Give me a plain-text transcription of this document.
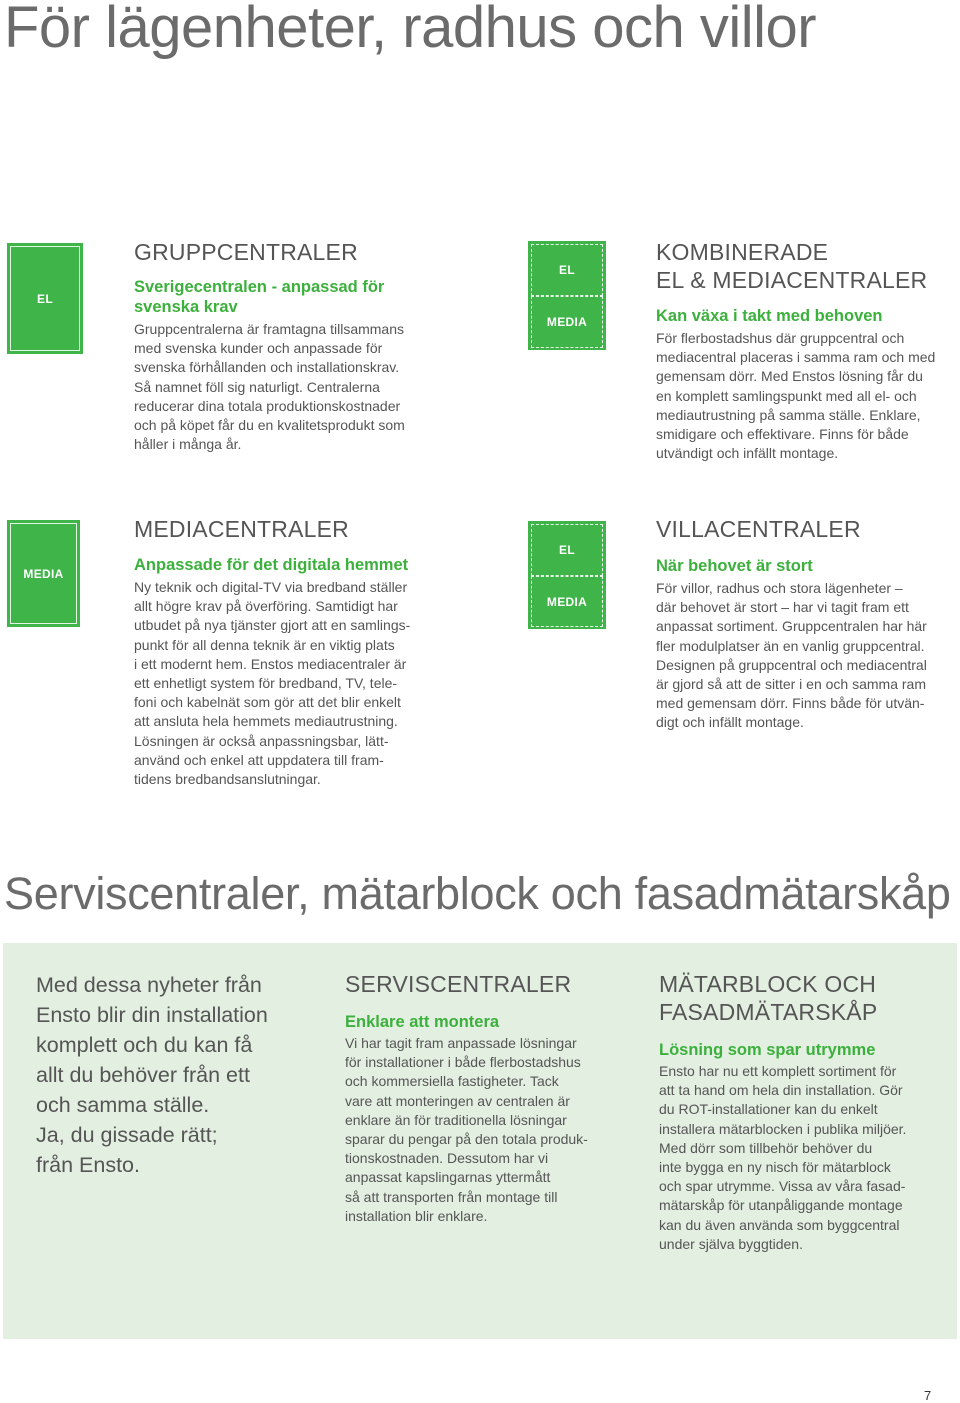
För lägenheter, radhus och villor
EL
GRUPPCENTRALER

Sverigecentralen - anpassad för
svenska krav

Gruppcentralerna är framtagna tillsammans
med svenska kunder och anpassade för
svenska förhållanden och installationskrav.
Så namnet föll sig naturligt. Centralerna
reducerar dina totala produktionskostnader
och på köpet får du en kvalitetsprodukt som
håller i många år.

EL
MEDIA
KOMBINERADE
EL & MEDIACENTRALER

Kan växa i takt med behoven

För flerbostadshus där gruppcentral och
mediacentral placeras i samma ram och med
gemensam dörr. Med Enstos lösning får du
en komplett samlingspunkt med all el- och
mediautrustning på samma ställe. Enklare,
smidigare och effektivare. Finns för både
utvändigt och infällt montage.

MEDIA
MEDIACENTRALER

Anpassade för det digitala hemmet

Ny teknik och digital-TV via bredband ställer
allt högre krav på överföring. Samtidigt har
utbudet på nya tjänster gjort att en samlings-
punkt för all denna teknik är en viktig plats
i ett modernt hem. Enstos mediacentraler är
ett enhetligt system för bredband, TV, tele-
foni och kabelnät som gör att det blir enkelt
att ansluta hela hemmets mediautrustning.
Lösningen är också anpassningsbar, lätt-
använd och enkel att uppdatera till fram-
tidens bredbandsanslutningar.

EL
MEDIA
VILLACENTRALER

När behovet är stort

För villor, radhus och stora lägenheter –
där behovet är stort – har vi tagit fram ett
anpassat sortiment. Gruppcentralen har här
fler modulplatser än en vanlig gruppcentral.
Designen på gruppcentral och mediacentral
är gjord så att de sitter i en och samma ram
med gemensam dörr. Finns både för utvän-
digt och infällt montage.

Serviscentraler, mätarblock och fasadmätarskåp

Med dessa nyheter från
Ensto blir din installation
komplett och du kan få
allt du behöver från ett
och samma ställe.
Ja, du gissade rätt;
från Ensto.

SERVISCENTRALER

Enklare att montera

Vi har tagit fram anpassade lösningar
för installationer i både flerbostadshus
och kommersiella fastigheter. Tack
vare att monteringen av centralen är
enklare än för traditionella lösningar
sparar du pengar på den totala produk-
tionskostnaden. Dessutom har vi
anpassat kapslingarnas yttermått
så att transporten från montage till
installation blir enklare.

MÄTARBLOCK OCH
FASADMÄTARSKÅP

Lösning som spar utrymme

Ensto har nu ett komplett sortiment för
att ta hand om hela din installation. Gör
du ROT-installationer kan du enkelt
installera mätarblocken i publika miljöer.
Med dörr som tillbehör behöver du
inte bygga en ny nisch för mätarblock
och spar utrymme. Vissa av våra fasad-
mätarskåp för utanpåliggande montage
kan du även använda som byggcentral
under själva byggtiden.

7
